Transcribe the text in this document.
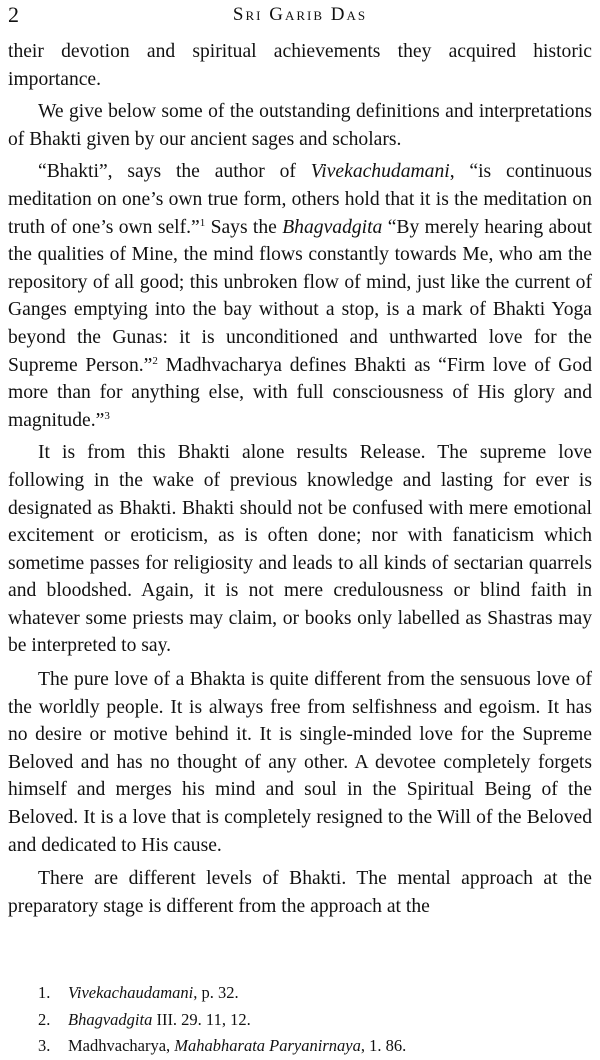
2	Sri Garib Das

their devotion and spiritual achievements they acquired historic importance.

We give below some of the outstanding definitions and interpretations of Bhakti given by our ancient sages and scholars.

“Bhakti”, says the author of Vivekachudamani, “is continuous meditation on one’s own true form, others hold that it is the meditation on truth of one’s own self.”$^1$ Says the Bhagvadgita “By merely hearing about the qualities of Mine, the mind flows constantly towards Me, who am the repository of all good; this unbroken flow of mind, just like the current of Ganges emptying into the bay without a stop, is a mark of Bhakti Yoga beyond the Gunas: it is unconditioned and unthwarted love for the Supreme Person.”$^2$ Madhvacharya defines Bhakti as “Firm love of God more than for anything else, with full consciousness of His glory and magnitude.”$^3$

It is from this Bhakti alone results Release. The supreme love following in the wake of previous knowledge and lasting for ever is designated as Bhakti. Bhakti should not be confused with mere emotional excitement or eroticism, as is often done; nor with fanaticism which sometime passes for religiosity and leads to all kinds of sectarian quarrels and bloodshed. Again, it is not mere credulousness or blind faith in whatever some priests may claim, or books only labelled as Shastras may be interpreted to say.

The pure love of a Bhakta is quite different from the sensuous love of the worldly people. It is always free from selfishness and egoism. It has no desire or motive behind it. It is single-minded love for the Supreme Beloved and has no thought of any other. A devotee completely forgets himself and merges his mind and soul in the Spiritual Being of the Beloved. It is a love that is completely resigned to the Will of the Beloved and dedicated to His cause.

There are different levels of Bhakti. The mental approach at the preparatory stage is different from the approach at the

1.	Vivekachaudamani, p. 32.
2.	Bhagvadgita III. 29. 11, 12.
3.	Madhvacharya, Mahabharata Paryanirnaya, 1. 86.
